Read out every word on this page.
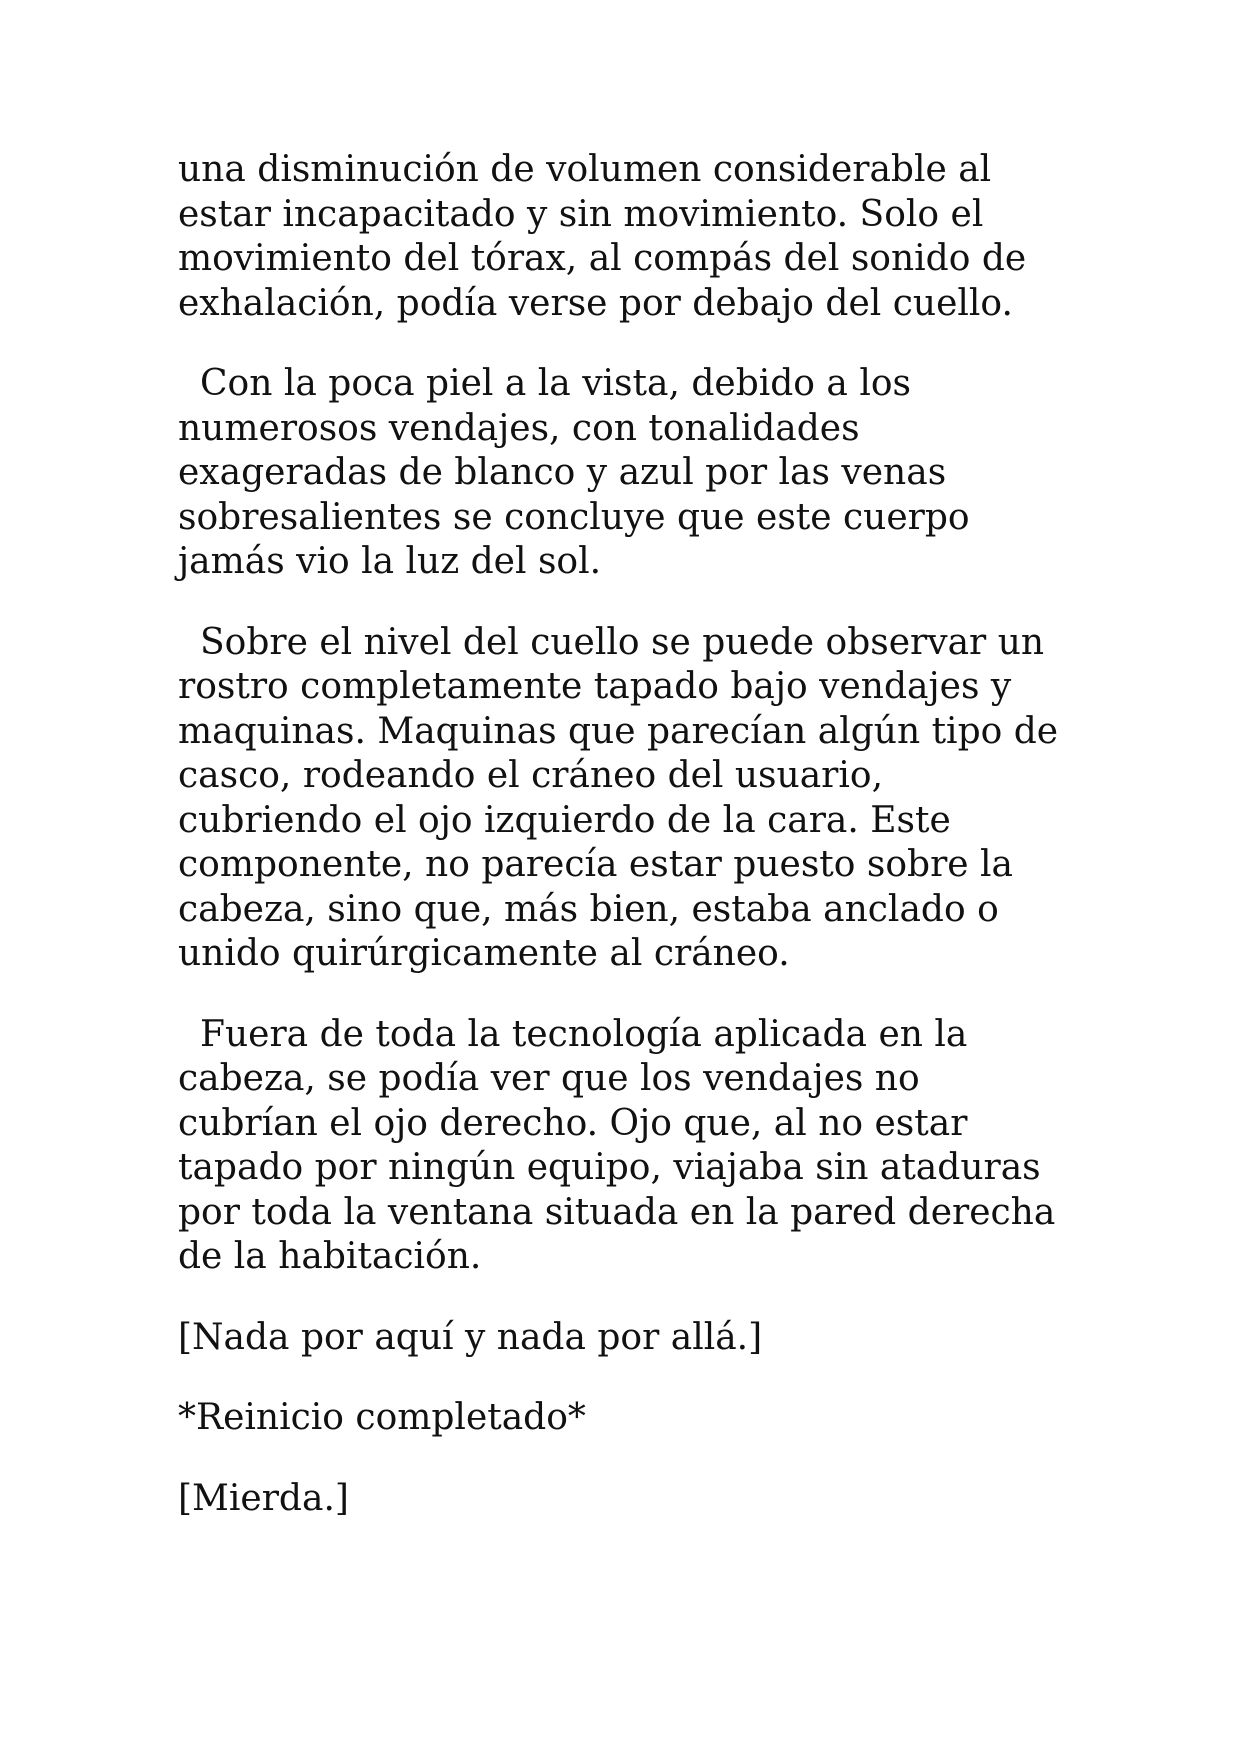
una disminución de volumen considerable al
estar incapacitado y sin movimiento. Solo el
movimiento del tórax, al compás del sonido de
exhalación, podía verse por debajo del cuello.

Con la poca piel a la vista, debido a los
numerosos vendajes, con tonalidades
exageradas de blanco y azul por las venas
sobresalientes se concluye que este cuerpo
jamás vio la luz del sol.

Sobre el nivel del cuello se puede observar un
rostro completamente tapado bajo vendajes y
maquinas. Maquinas que parecían algún tipo de
casco, rodeando el cráneo del usuario,
cubriendo el ojo izquierdo de la cara. Este
componente, no parecía estar puesto sobre la
cabeza, sino que, más bien, estaba anclado o
unido quirúrgicamente al cráneo.

Fuera de toda la tecnología aplicada en la
cabeza, se podía ver que los vendajes no
cubrían el ojo derecho. Ojo que, al no estar
tapado por ningún equipo, viajaba sin ataduras
por toda la ventana situada en la pared derecha
de la habitación.

[Nada por aquí y nada por allá.]

*Reinicio completado*

[Mierda.]
